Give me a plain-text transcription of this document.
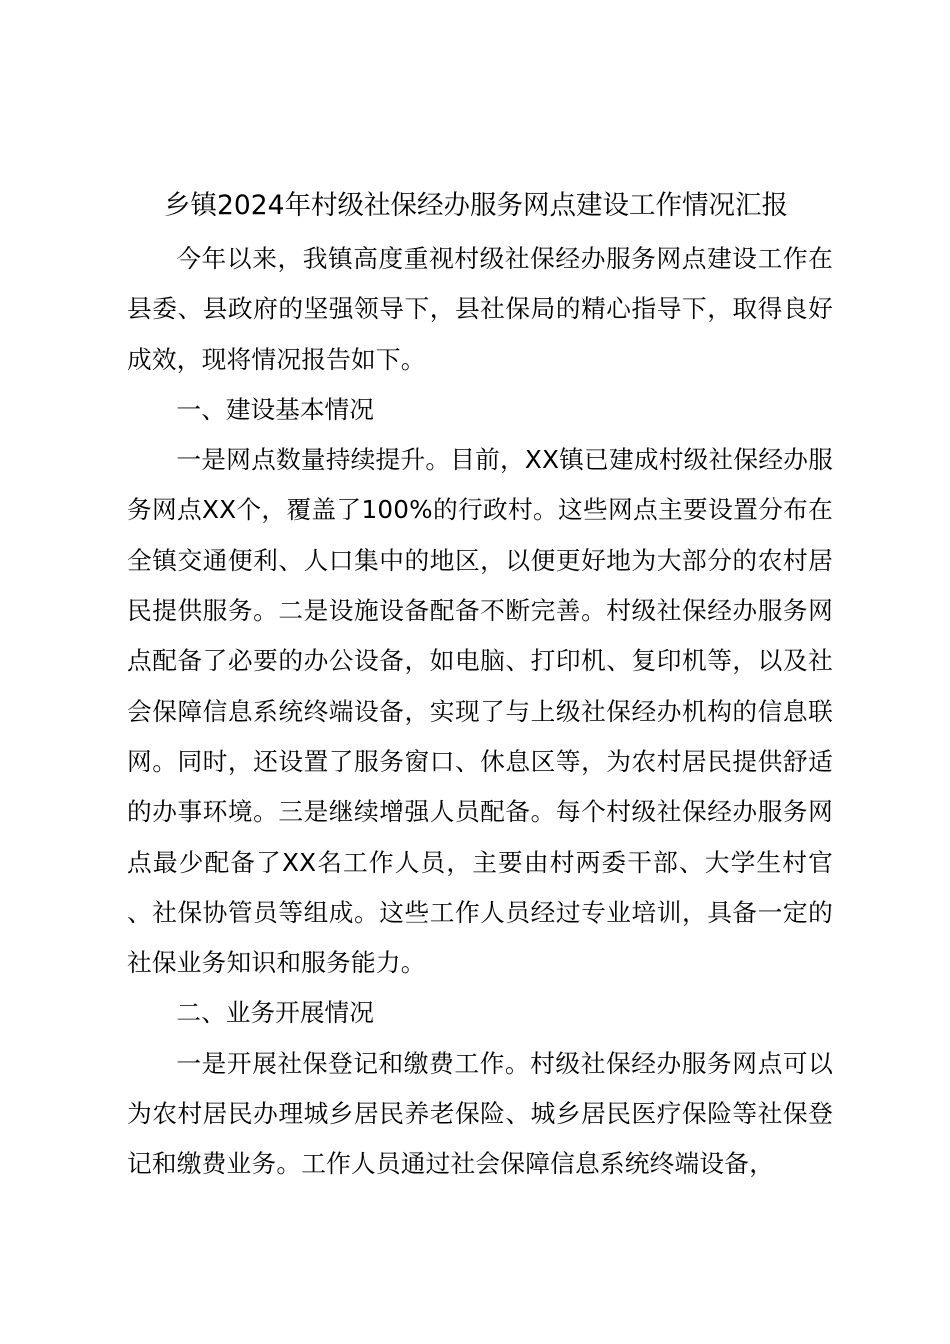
乡镇2024年村级社保经办服务网点建设工作情况汇报

今年以来，我镇高度重视村级社保经办服务网点建设工作在县委、县政府的坚强领导下，县社保局的精心指导下，取得良好成效，现将情况报告如下。

一、建设基本情况

一是网点数量持续提升。目前，XX镇已建成村级社保经办服务网点XX个，覆盖了100%的行政村。这些网点主要设置分布在全镇交通便利、人口集中的地区，以便更好地为大部分的农村居民提供服务。二是设施设备配备不断完善。村级社保经办服务网点配备了必要的办公设备，如电脑、打印机、复印机等，以及社会保障信息系统终端设备，实现了与上级社保经办机构的信息联网。同时，还设置了服务窗口、休息区等，为农村居民提供舒适的办事环境。三是继续增强人员配备。每个村级社保经办服务网点最少配备了XX名工作人员，主要由村两委干部、大学生村官、社保协管员等组成。这些工作人员经过专业培训，具备一定的社保业务知识和服务能力。

二、业务开展情况

一是开展社保登记和缴费工作。村级社保经办服务网点可以为农村居民办理城乡居民养老保险、城乡居民医疗保险等社保登记和缴费业务。工作人员通过社会保障信息系统终端设备，
